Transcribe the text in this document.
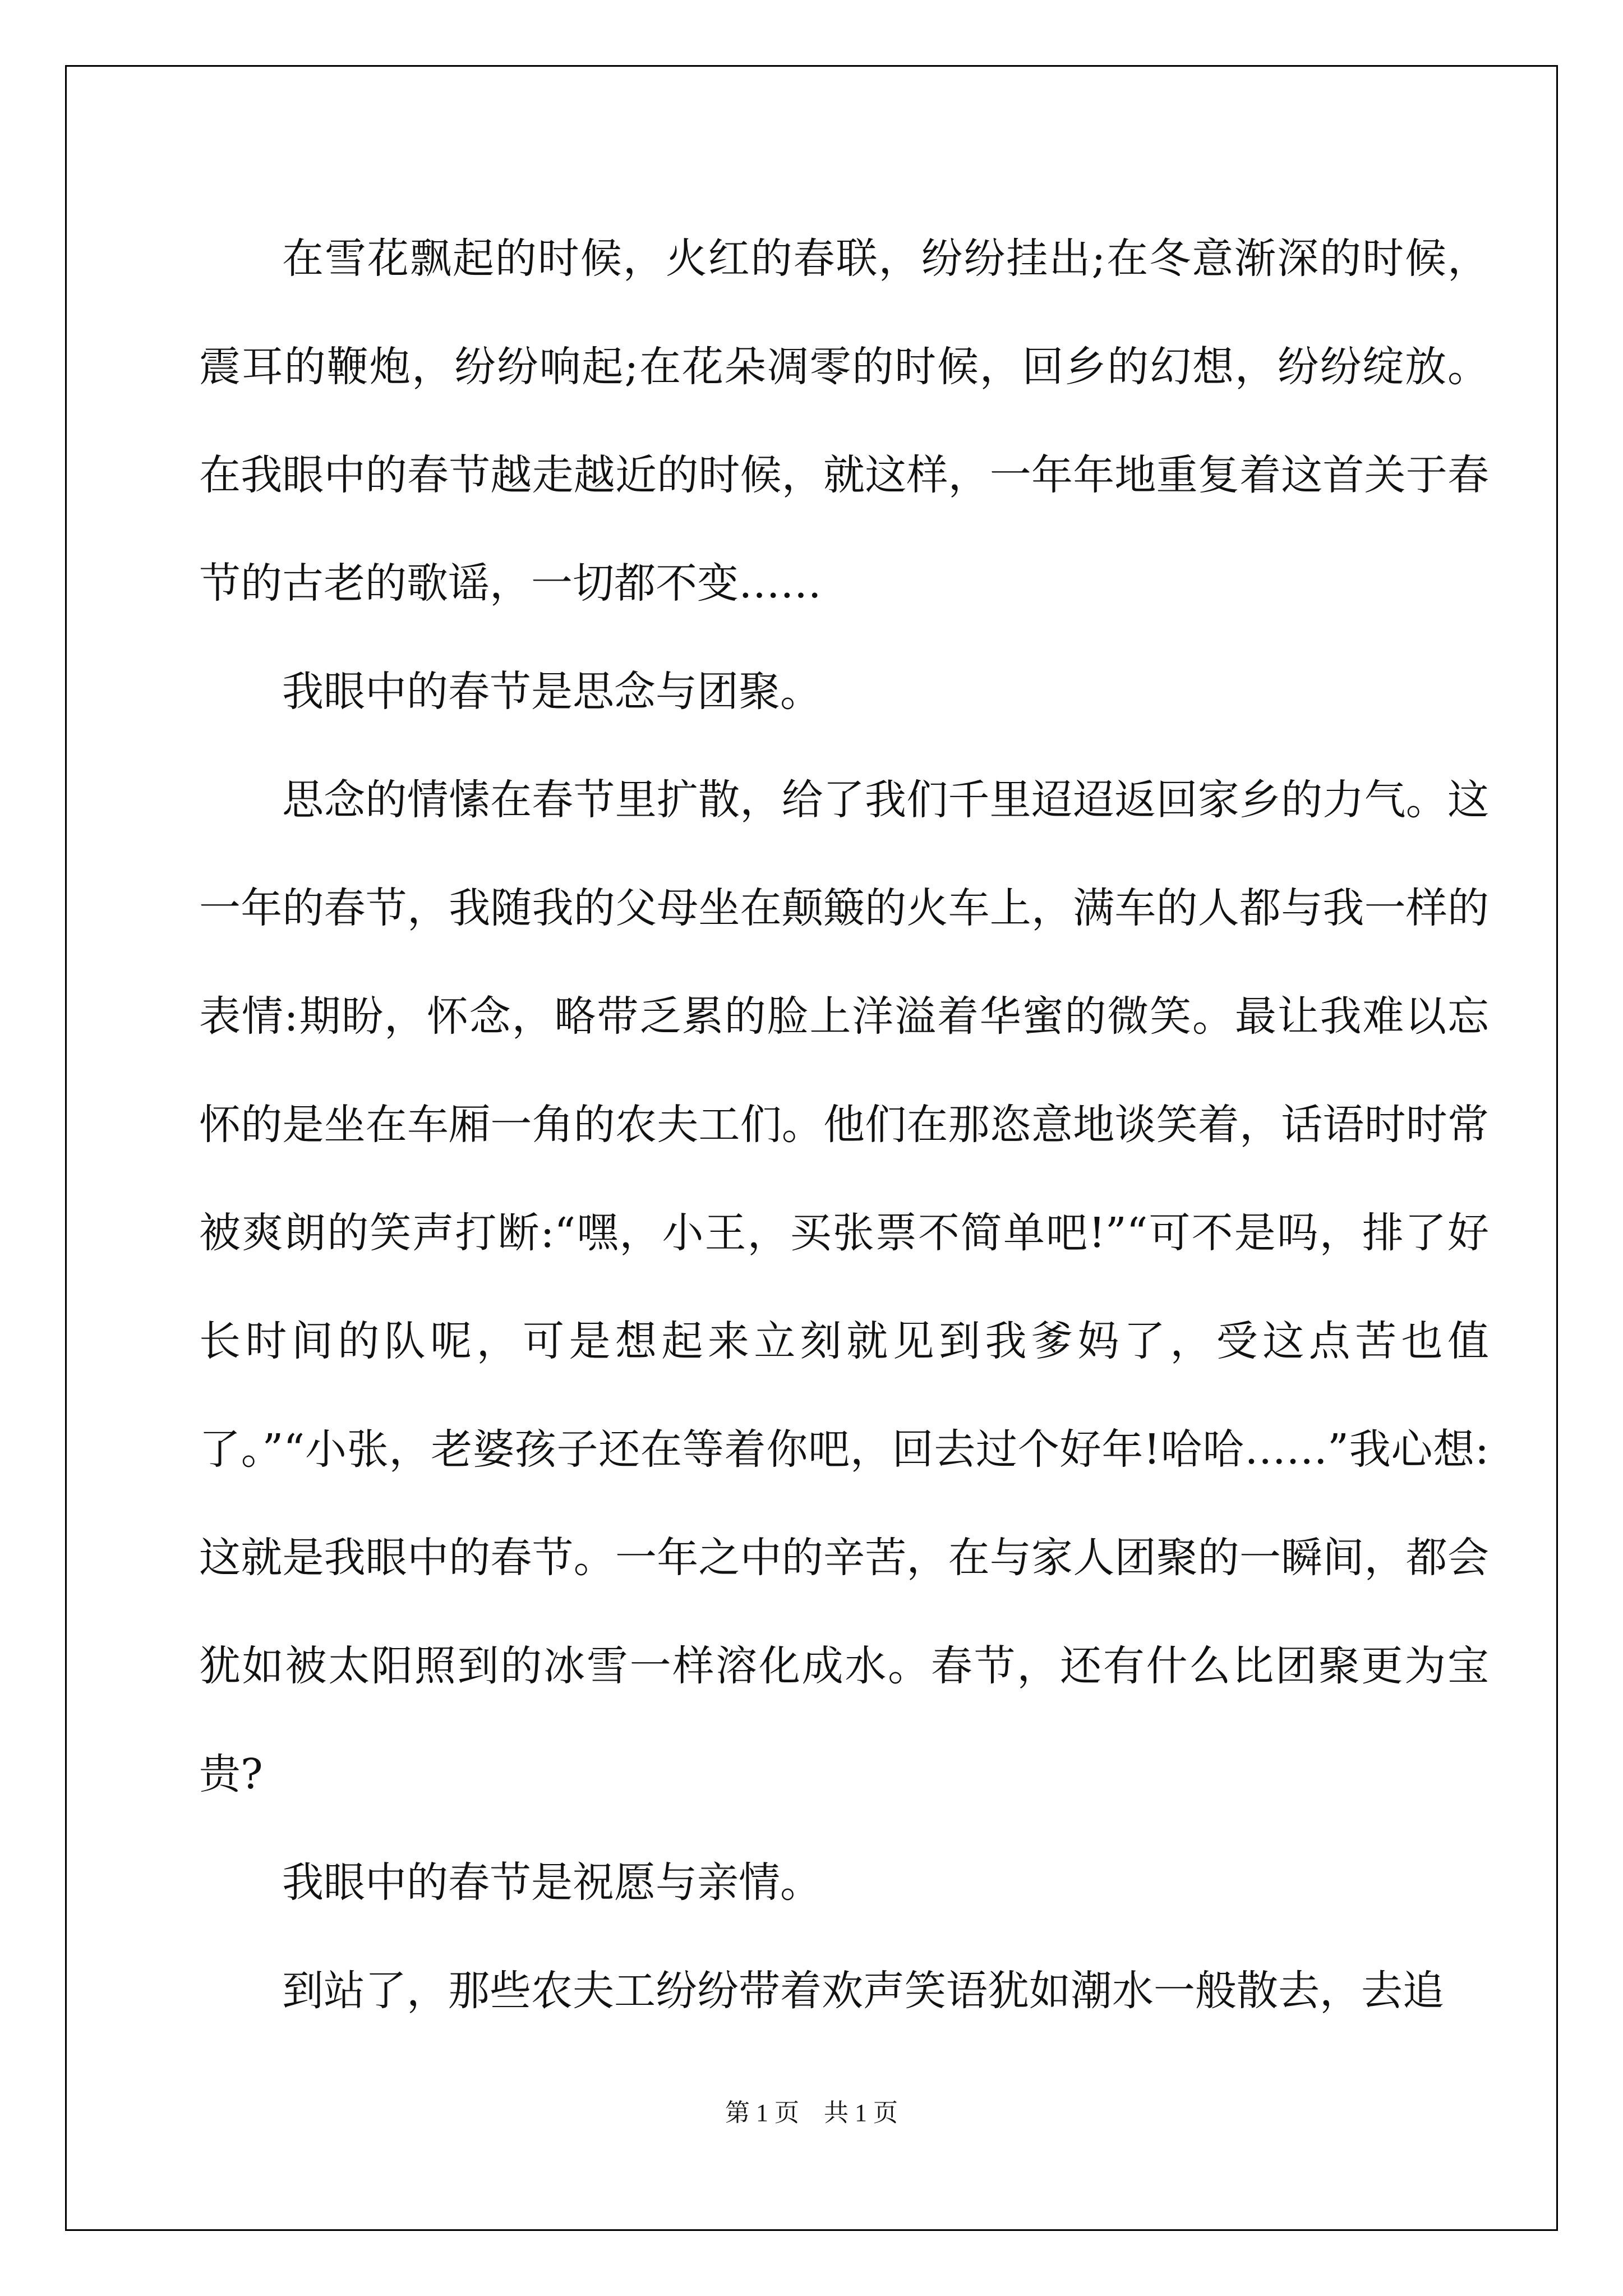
在雪花飘起的时候，火红的春联，纷纷挂出;在冬意渐深的时候，震耳的鞭炮，纷纷响起;在花朵凋零的时候，回乡的幻想，纷纷绽放。在我眼中的春节越走越近的时候，就这样，一年年地重复着这首关于春节的古老的歌谣，一切都不变……

我眼中的春节是思念与团聚。

思念的情愫在春节里扩散，给了我们千里迢迢返回家乡的力气。这一年的春节，我随我的父母坐在颠簸的火车上，满车的人都与我一样的表情:期盼，怀念，略带乏累的脸上洋溢着华蜜的微笑。最让我难以忘怀的是坐在车厢一角的农夫工们。他们在那恣意地谈笑着，话语时时常被爽朗的笑声打断:“嘿，小王，买张票不简单吧!”“可不是吗，排了好长时间的队呢，可是想起来立刻就见到我爹妈了，受这点苦也值了。”“小张，老婆孩子还在等着你吧，回去过个好年!哈哈……”我心想:这就是我眼中的春节。一年之中的辛苦，在与家人团聚的一瞬间，都会犹如被太阳照到的冰雪一样溶化成水。春节，还有什么比团聚更为宝贵?

我眼中的春节是祝愿与亲情。

到站了，那些农夫工纷纷带着欢声笑语犹如潮水一般散去，去追

第 1 页　共 1 页
